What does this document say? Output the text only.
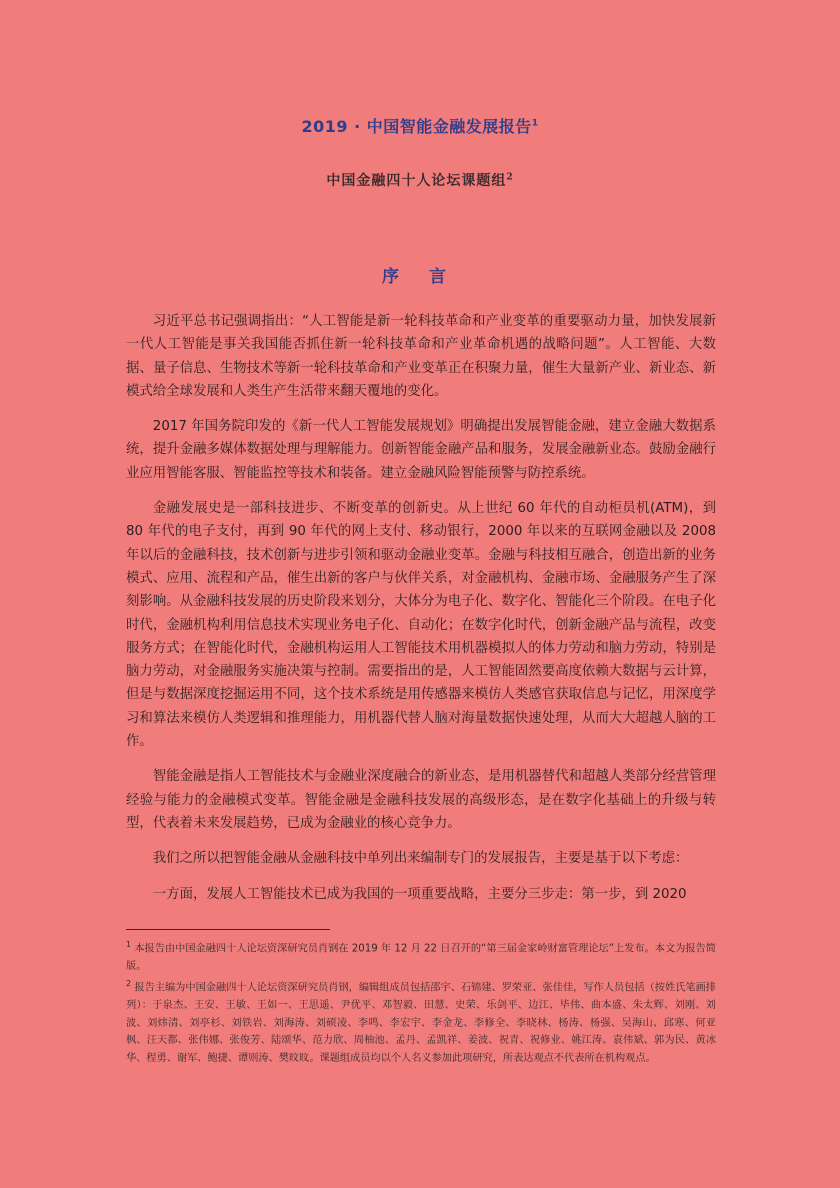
2019 · 中国智能金融发展报告$^1$
中国金融四十人论坛课题组$^2$
序 言

习近平总书记强调指出：“人工智能是新一轮科技革命和产业变革的重要驱动力量，加快发展新一代人工智能是事关我国能否抓住新一轮科技革命和产业革命机遇的战略问题”。人工智能、大数据、量子信息、生物技术等新一轮科技革命和产业变革正在积聚力量，催生大量新产业、新业态、新模式给全球发展和人类生产生活带来翻天覆地的变化。

2017 年国务院印发的《新一代人工智能发展规划》明确提出发展智能金融，建立金融大数据系统，提升金融多媒体数据处理与理解能力。创新智能金融产品和服务，发展金融新业态。鼓励金融行业应用智能客服、智能监控等技术和装备。建立金融风险智能预警与防控系统。

金融发展史是一部科技进步、不断变革的创新史。从上世纪 60 年代的自动柜员机(ATM)，到 80 年代的电子支付，再到 90 年代的网上支付、移动银行，2000 年以来的互联网金融以及 2008 年以后的金融科技，技术创新与进步引领和驱动金融业变革。金融与科技相互融合，创造出新的业务模式、应用、流程和产品，催生出新的客户与伙伴关系，对金融机构、金融市场、金融服务产生了深刻影响。从金融科技发展的历史阶段来划分，大体分为电子化、数字化、智能化三个阶段。在电子化时代，金融机构利用信息技术实现业务电子化、自动化；在数字化时代，创新金融产品与流程，改变服务方式；在智能化时代，金融机构运用人工智能技术用机器模拟人的体力劳动和脑力劳动，特别是脑力劳动，对金融服务实施决策与控制。需要指出的是，人工智能固然要高度依赖大数据与云计算，但是与数据深度挖掘运用不同，这个技术系统是用传感器来模仿人类感官获取信息与记忆，用深度学习和算法来模仿人类逻辑和推理能力，用机器代替人脑对海量数据快速处理，从而大大超越人脑的工作。

智能金融是指人工智能技术与金融业深度融合的新业态，是用机器替代和超越人类部分经营管理经验与能力的金融模式变革。智能金融是金融科技发展的高级形态，是在数字化基础上的升级与转型，代表着未来发展趋势，已成为金融业的核心竞争力。

我们之所以把智能金融从金融科技中单列出来编制专门的发展报告，主要是基于以下考虑：

一方面，发展人工智能技术已成为我国的一项重要战略，主要分三步走：第一步，到 2020

$^1$ 本报告由中国金融四十人论坛资深研究员肖钢在 2019 年 12 月 22 日召开的“第三届金家岭财富管理论坛”上发布。本文为报告简版。

$^2$ 报告主编为中国金融四十人论坛资深研究员肖钢，编辑组成员包括邵宇、石锦建、罗荣亚、张佳佳，写作人员包括（按姓氏笔画排列）：于泉杰、王安、王敏、王如一、王思遥、尹优平、邓智毅、田慧、史荣、乐剑平、边江、毕伟、曲本盛、朱太辉、刘刚、刘波、刘炜清、刘亭杉、刘铁岩、刘海涛、刘硕凌、李鸣、李宏宇、李金龙、李修全、李晓林、杨涛、杨强、吴海山、邱寒、何亚枫、汪天都、张伟娜、张俊芳、陆颂华、范力欣、周柚池、孟丹、孟凯祥、姜波、祝青、祝修业、姚江涛、袁伟斌、郭为民、黄冰华、程勇、谢军、鲍捷、谭则涛、樊旼旼。课题组成员均以个人名义参加此项研究，所表达观点不代表所在机构观点。
